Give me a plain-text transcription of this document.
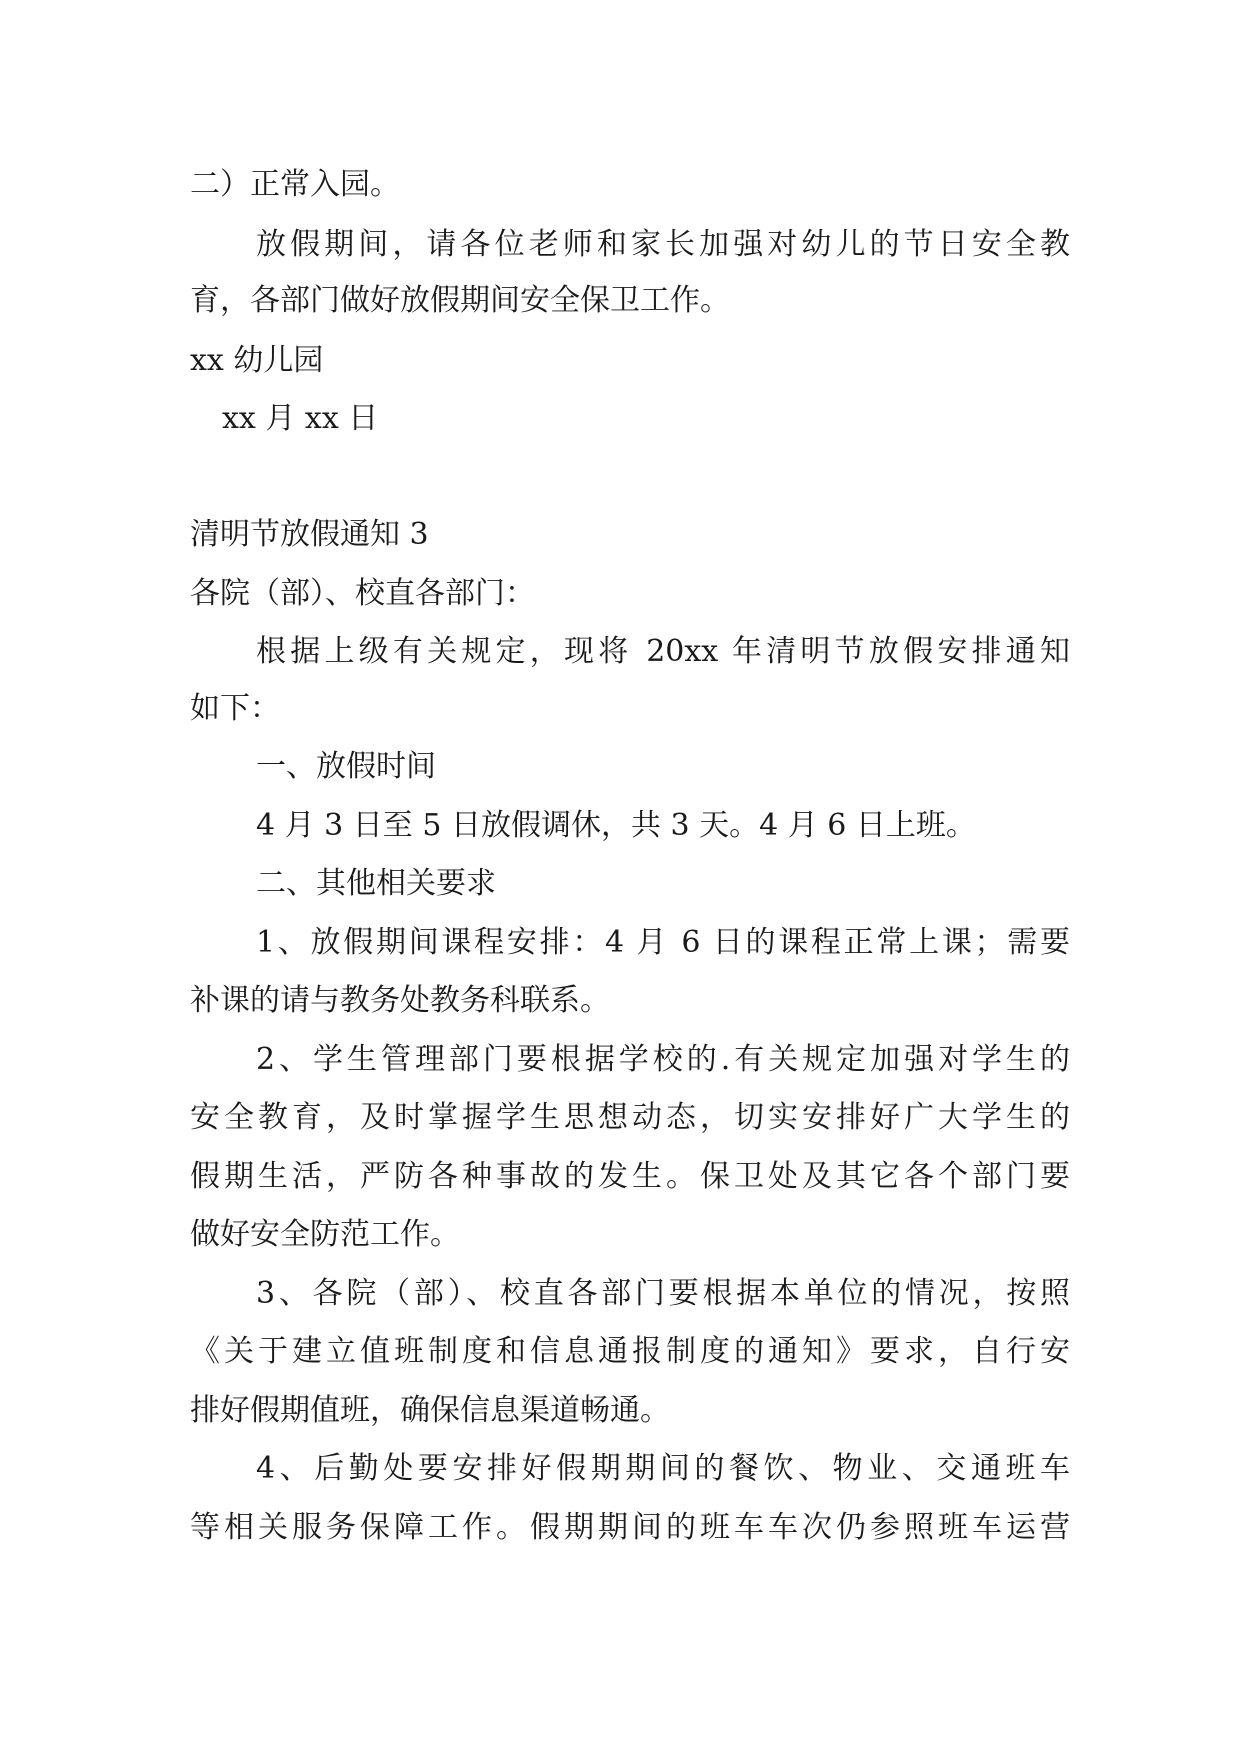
二）正常入园。
放假期间，请各位老师和家长加强对幼儿的节日安全教
育，各部门做好放假期间安全保卫工作。
xx 幼儿园
xx 月 xx 日
清明节放假通知 3
各院（部）、校直各部门：
根据上级有关规定，现将 20xx 年清明节放假安排通知
如下：
一、放假时间
4 月 3 日至 5 日放假调休，共 3 天。4 月 6 日上班。
二、其他相关要求
1、放假期间课程安排：4 月 6 日的课程正常上课；需要
补课的请与教务处教务科联系。
2、学生管理部门要根据学校的.有关规定加强对学生的
安全教育，及时掌握学生思想动态，切实安排好广大学生的
假期生活，严防各种事故的发生。保卫处及其它各个部门要
做好安全防范工作。
3、各院（部）、校直各部门要根据本单位的情况，按照
《关于建立值班制度和信息通报制度的通知》要求，自行安
排好假期值班，确保信息渠道畅通。
4、后勤处要安排好假期期间的餐饮、物业、交通班车
等相关服务保障工作。假期期间的班车车次仍参照班车运营
